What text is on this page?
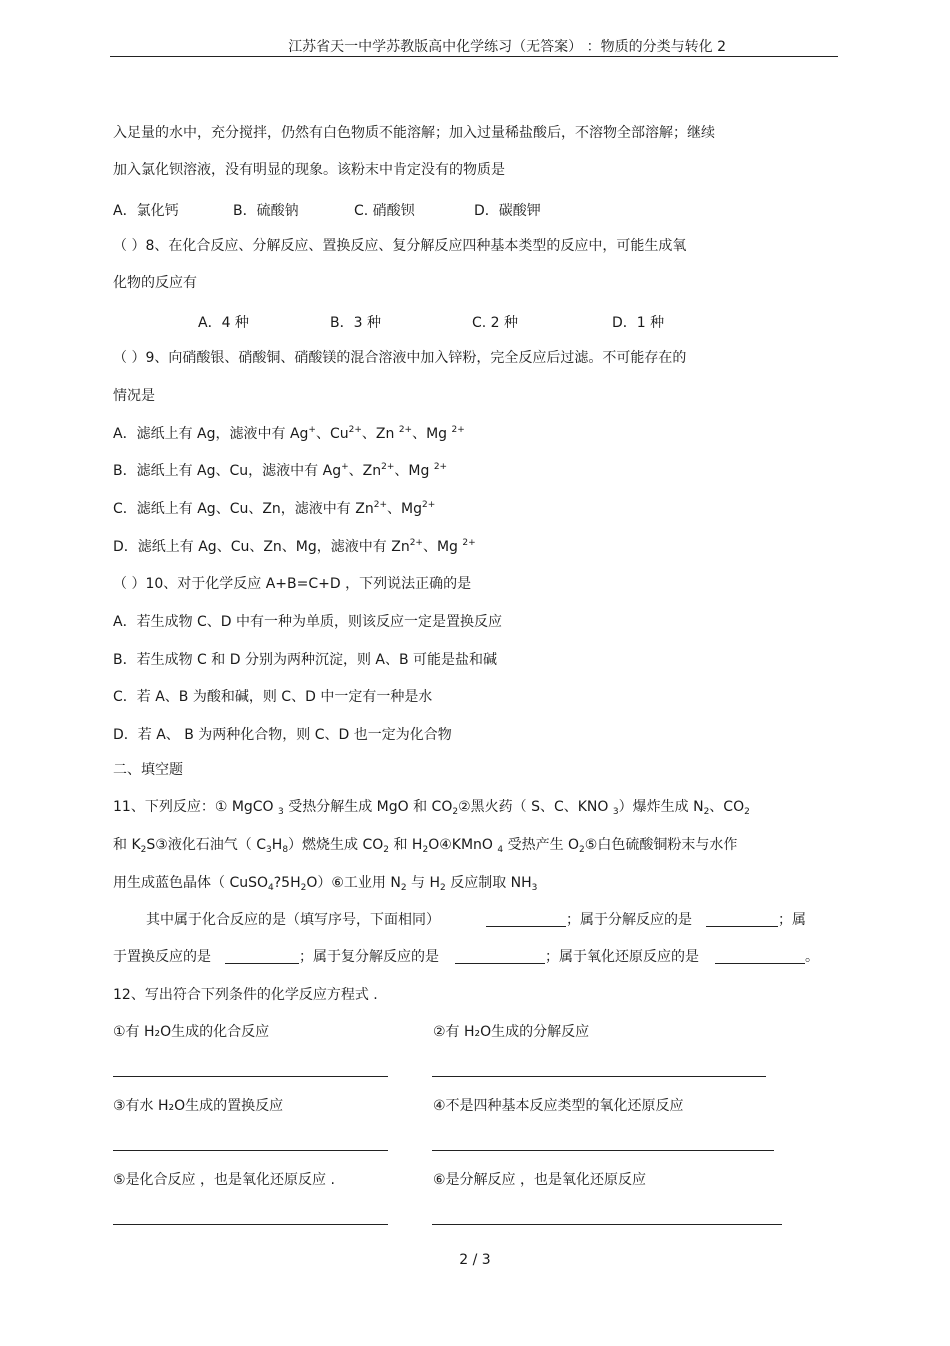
江苏省天一中学苏教版高中化学练习（无答案） ：物质的分类与转化 2
入足量的水中，充分搅拌，仍然有白色物质不能溶解；加入过量稀盐酸后，不溶物全部溶解；继续
加入氯化钡溶液，没有明显的现象。该粉末中肯定没有的物质是
A．氯化钙	B．硫酸钠	C. 硝酸钡	D．碳酸钾
（ ）8、在化合反应、分解反应、置换反应、复分解反应四种基本类型的反应中，可能生成氧
化物的反应有
A．4 种	B．3 种	C. 2 种	D．1 种
（ ）9、向硝酸银、硝酸铜、硝酸镁的混合溶液中加入锌粉，完全反应后过滤。不可能存在的
情况是
A．滤纸上有 Ag，滤液中有 Ag+、$Cu^{2+}$、Zn $^{2+}$、Mg $^{2+}$
B．滤纸上有 Ag、Cu，滤液中有 Ag+、$Zn^{2+}$、Mg $^{2+}$
C．滤纸上有 Ag、Cu、Zn，滤液中有 $Zn^{2+}$、$Mg^{2+}$
D．滤纸上有 Ag、Cu、Zn、Mg，滤液中有 $Zn^{2+}$、Mg $^{2+}$
（ ）10、对于化学反应 A+B=C+D ，下列说法正确的是
A．若生成物 C、D 中有一种为单质，则该反应一定是置换反应
B．若生成物 C 和 D 分别为两种沉淀，则 A、B 可能是盐和碱
C．若 A、B 为酸和碱，则 C、D 中一定有一种是水
D．若 A、 B 为两种化合物，则 C、D 也一定为化合物
二、填空题
11、下列反应：① MgCO $_3$ 受热分解生成 MgO 和 $CO_2②$黑火药（ S、C、KNO $_3$）爆炸生成 $N_2$、$CO_2$
和 $K_2S③$液化石油气（ $C_3H_8$）燃烧生成 $CO_2$ 和 $H_2O④KMnO$ $_4$ 受热产生 $O_2⑤$白色硫酸铜粉末与水作
用生成蓝色晶体（ $CuSO_4?5H_2O)⑥$工业用 $N_2$ 与 $H_2$ 反应制取 $NH_3$
其中属于化合反应的是（填写序号，下面相同）	；属于分解反应的是	；属
于置换反应的是	；属于复分解反应的是	；属于氧化还原反应的是	。
12、写出符合下列条件的化学反应方程式 .
①有 H₂O生成的化合反应	②有 H₂O生成的分解反应
③有水 H₂O生成的置换反应	④不是四种基本反应类型的氧化还原反应
⑤是化合反应 ，也是氧化还原反应 .	⑥是分解反应 ，也是氧化还原反应
2 / 3
